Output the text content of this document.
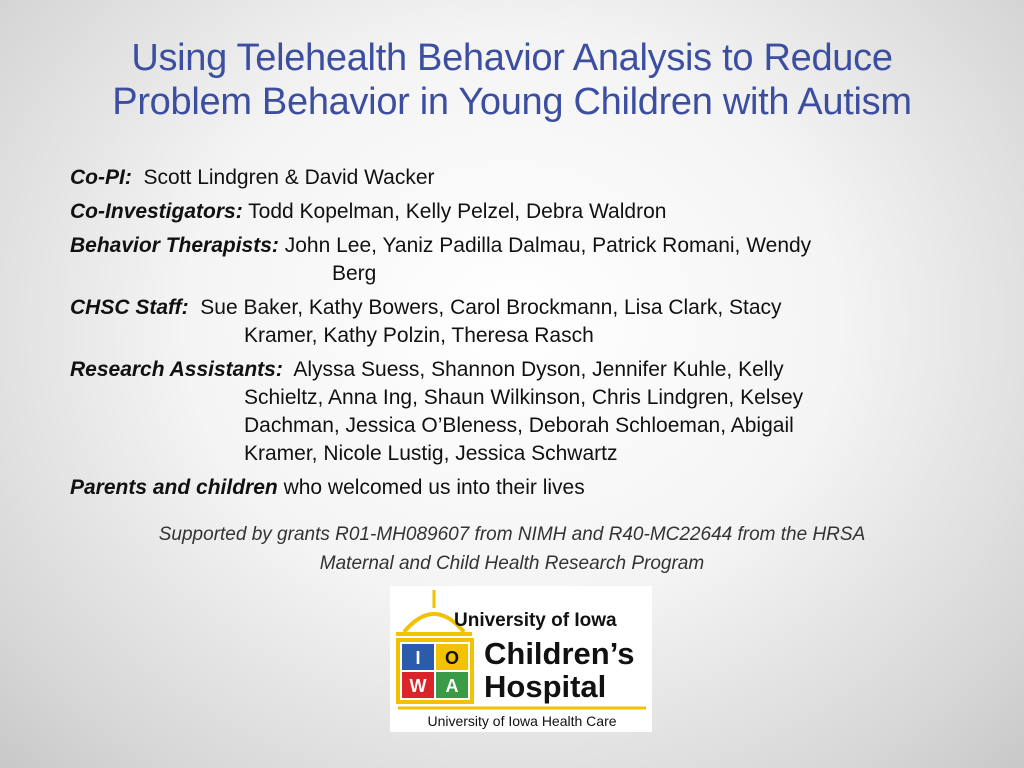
Using Telehealth Behavior Analysis to Reduce
Problem Behavior in Young Children with Autism
Co-PI: Scott Lindgren & David Wacker
Co-Investigators: Todd Kopelman, Kelly Pelzel, Debra Waldron
Behavior Therapists: John Lee, Yaniz Padilla Dalmau, Patrick Romani, Wendy
Berg
CHSC Staff: Sue Baker, Kathy Bowers, Carol Brockmann, Lisa Clark, Stacy
Kramer, Kathy Polzin, Theresa Rasch
Research Assistants: Alyssa Suess, Shannon Dyson, Jennifer Kuhle, Kelly
Schieltz, Anna Ing, Shaun Wilkinson, Chris Lindgren, Kelsey
Dachman, Jessica O’Bleness, Deborah Schloeman, Abigail
Kramer, Nicole Lustig, Jessica Schwartz
Parents and children who welcomed us into their lives
Supported by grants R01-MH089607 from NIMH and R40-MC22644 from the HRSA
Maternal and Child Health Research Program
I O
W A
University of Iowa
Children’s
Hospital
University of Iowa Health Care
